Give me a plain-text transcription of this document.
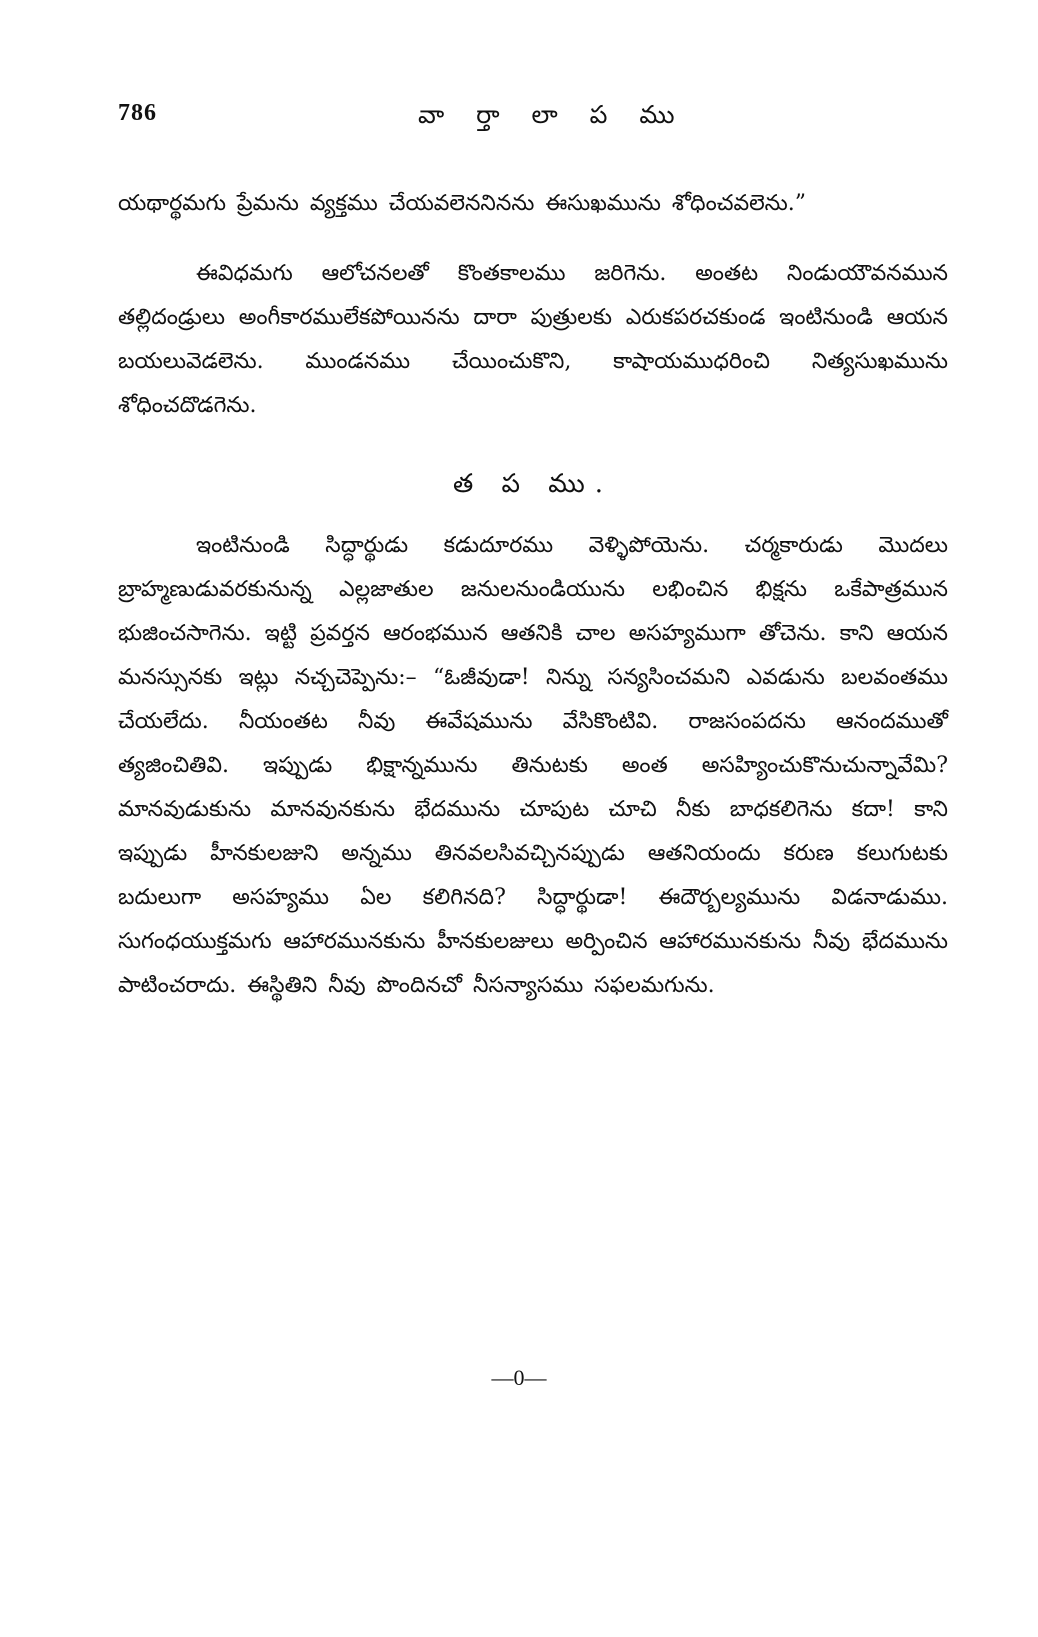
786	వా ర్తా లా ప ము

యథార్థమగు ప్రేమను వ్యక్తము చేయవలెననినను ఈసుఖమును శోధించవలెను.”

ఈవిధమగు ఆలోచనలతో కొంతకాలము జరిగెను. అంతట నిండుయౌవనమున తల్లిదండ్రులు అంగీకారములేకపోయినను దారా పుత్రులకు ఎరుకపరచకుండ ఇంటినుండి ఆయన బయలువెడలెను. ముండనము చేయించుకొని, కాషాయముధరించి నిత్యసుఖమును శోధించదొడగెను.

త ప ము.

ఇంటినుండి సిద్ధార్థుడు కడుదూరము వెళ్ళిపోయెను. చర్మకారుడు మొదలు బ్రాహ్మణుడువరకునున్న ఎల్లజాతుల జనులనుండియును లభించిన భిక్షను ఒకేపాత్రమున భుజించసాగెను. ఇట్టి ప్రవర్తన ఆరంభమున ఆతనికి చాల అసహ్యముగా తోచెను. కాని ఆయన మనస్సునకు ఇట్లు నచ్చచెప్పెను:– “ఓజీవుడా! నిన్ను సన్యసించమని ఎవడును బలవంతము చేయలేదు. నీయంతట నీవు ఈవేషమును వేసికొంటివి. రాజసంపదను ఆనందముతో త్యజించితివి. ఇప్పుడు భిక్షాన్నమును తినుటకు అంత అసహ్యించుకొనుచున్నావేమి? మానవుడుకును మానవునకును భేదమును చూపుట చూచి నీకు బాధకలిగెను కదా! కాని ఇప్పుడు హీనకులజుని అన్నము తినవలసివచ్చినప్పుడు ఆతనియందు కరుణ కలుగుటకు బదులుగా అసహ్యము ఏల కలిగినది? సిద్ధార్థుడా! ఈదౌర్బల్యమును విడనాడుము. సుగంధయుక్తమగు ఆహారమునకును హీనకులజులు అర్పించిన ఆహారమునకును నీవు భేదమును పాటించరాదు. ఈస్థితిని నీవు పొందినచో నీసన్యాసము సఫలమగును.

—0—
